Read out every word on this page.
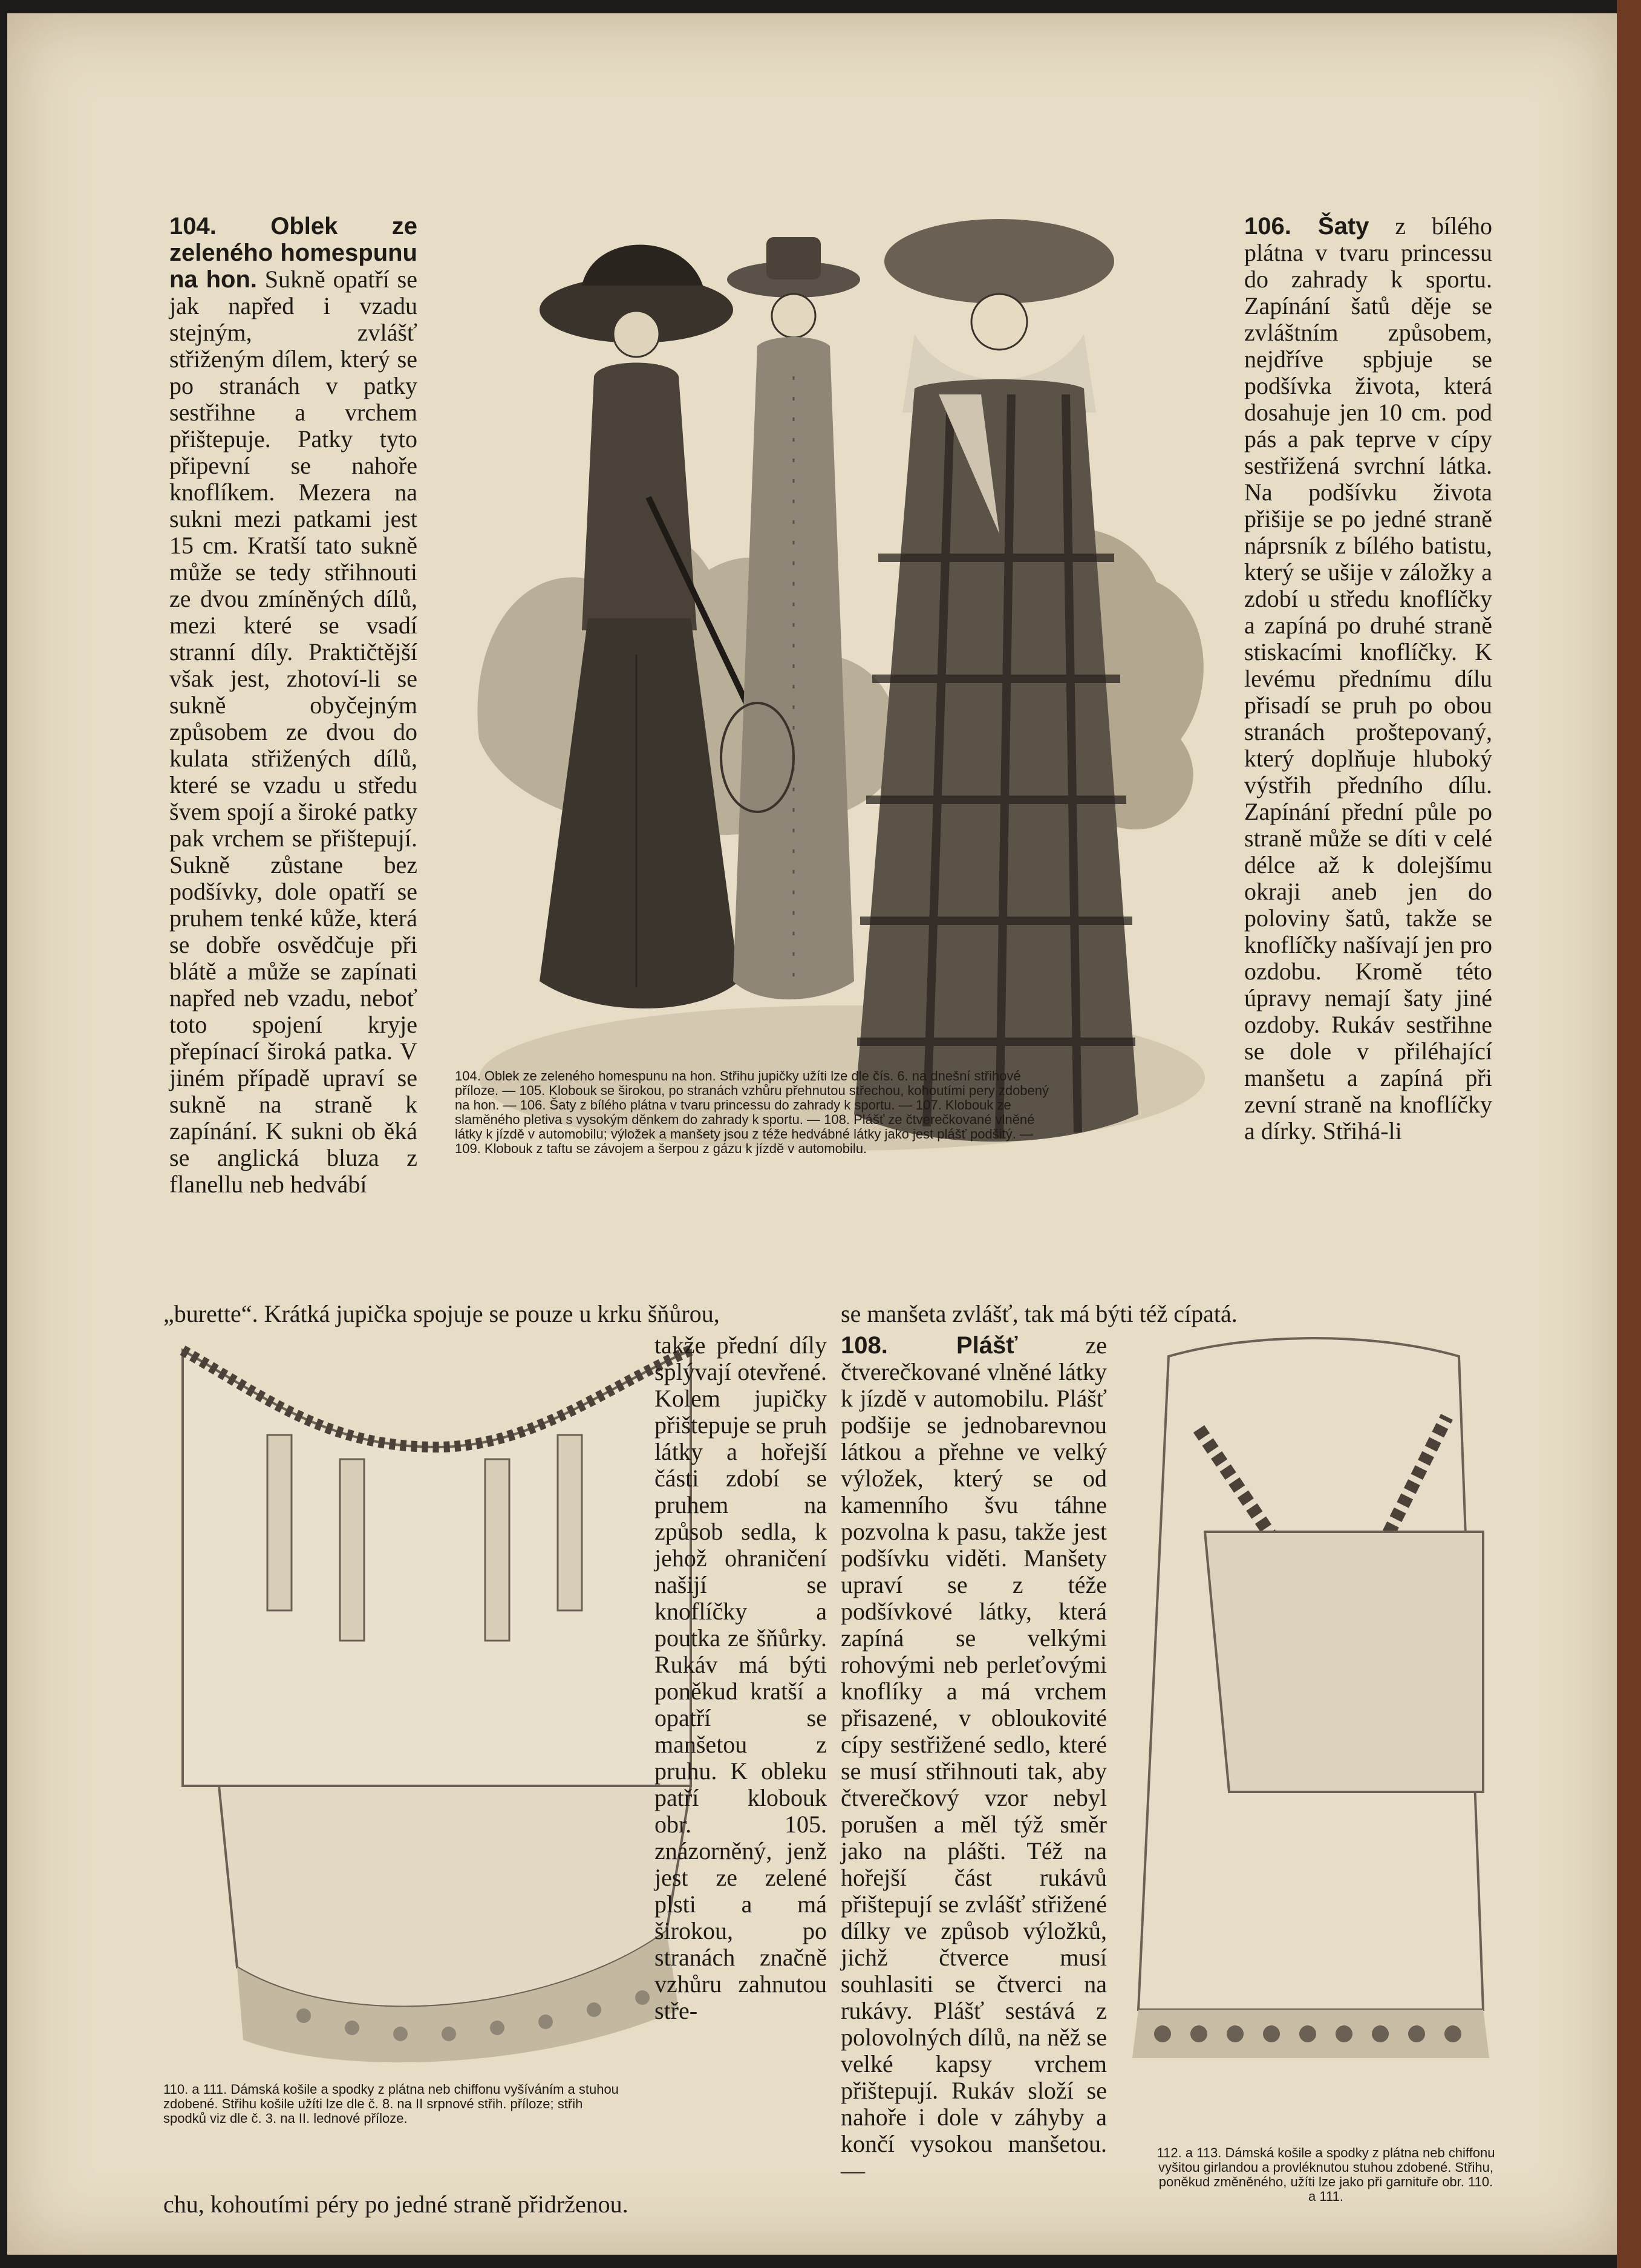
104. Oblek ze zeleného homespunu na hon. Sukně opatří se jak napřed i vzadu stejným, zvlášť střiženým dílem, který se po stranách v patky sestřihne a vrchem přištepuje. Patky tyto připevní se nahoře knoflíkem. Mezera na sukni mezi patkami jest 15 cm. Kratší tato sukně může se tedy střihnouti ze dvou zmíněných dílů, mezi které se vsadí stranní díly. Praktičtější však jest, zhotoví-li se sukně obyčejným způsobem ze dvou do kulata střižených dílů, které se vzadu u středu švem spojí a široké patky pak vrchem se přištepují. Sukně zůstane bez podšívky, dole opatří se pruhem tenké kůže, která se dobře osvědčuje při blátě a může se zapínati napřed neb vzadu, neboť toto spojení kryje přepínací široká patka. V jiném případě upraví se sukně na straně k zapínání. K sukni ob ěká se anglická bluza z flanellu neb hedvábí
„burette“. Krátká jupička spojuje se pouze u krku šňůrou,
106. Šaty z bílého plátna v tvaru princessu do zahrady k sportu. Zapínání šatů děje se zvláštním způsobem, nejdříve spbjuje se podšívka života, která dosahuje jen 10 cm. pod pás a pak teprve v cípy sestřižená svrchní látka. Na podšívku života přišije se po jedné straně náprsník z bílého batistu, který se ušije v záložky a zdobí u středu knoflíčky a zapíná po druhé straně stiskacími knoflíčky. K levému přednímu dílu přisadí se pruh po obou stranách proštepovaný, který doplňuje hluboký výstřih předního dílu. Zapínání přední půle po straně může se díti v celé délce až k dolejšímu okraji aneb jen do poloviny šatů, takže se knoflíčky našívají jen pro ozdobu. Kromě této úpravy nemají šaty jiné ozdoby. Rukáv sestřihne se dole v přiléhající manšetu a zapíná při zevní straně na knoflíčky a dírky. Střihá-li
se manšeta zvlášť, tak má býti též cípatá.
104. Oblek ze zeleného homespunu na hon. Střihu jupičky užíti lze dle čís. 6. na dnešní střihové příloze. — 105. Klobouk se širokou, po stranách vzhůru přehnutou střechou, kohoutími pery zdobený na hon. — 106. Šaty z bílého plátna v tvaru princessu do zahrady k sportu. — 107. Klobouk ze slaměného pletiva s vysokým děnkem do zahrady k sportu. — 108. Plášť ze čtverečkované vlněné látky k jízdě v automobilu; výložek a manšety jsou z téže hedvábné látky jako jest plášť podšitý. — 109. Klobouk z taftu se závojem a šerpou z gázu k jízdě v automobilu.
110. a 111. Dámská košile a spodky z plátna neb chiffonu vyšíváním a stuhou zdobené. Střihu košile užíti lze dle č. 8. na II srpnové střih. příloze; střih spodků viz dle č. 3. na II. lednové příloze.
takže přední díly splývají otevřené. Kolem jupičky přištepuje se pruh látky a hořejší části zdobí se pruhem na způsob sedla, k jehož ohraničení našijí se knoflíčky a poutka ze šňůrky. Rukáv má býti poněkud kratší a opatří se manšetou z pruhu. K obleku patří klobouk obr. 105. znázorněný, jenž jest ze zelené plsti a má širokou, po stranách značně vzhůru zahnutou stře-
chu, kohoutími péry po jedné straně přidrženou.
108. Plášť	ze čtverečkované vlněné látky k jízdě v automobilu. Plášť podšije se jednobarevnou látkou a přehne ve velký výložek, který se od kamenního švu táhne pozvolna k pasu, takže jest podšívku viděti. Manšety upraví se z téže podšívkové látky, která zapíná se velkými rohovými neb perleťovými knoflíky a má vrchem přisazené, v obloukovité cípy sestřižené sedlo, které se musí střihnouti tak, aby čtverečkový vzor nebyl porušen a měl týž směr jako na plášti. Též na hořejší část rukávů přištepují se zvlášť střižené dílky ve způsob výložků, jichž čtverce musí souhlasiti se čtverci na rukávy. Plášť sestává z polovolných dílů, na něž se velké kapsy vrchem přištepují. Rukáv složí se nahoře i dole v záhyby a končí vysokou manšetou. —
112. a 113. Dámská košile a spodky z plátna neb chiffonu vyšitou girlandou a provléknutou stuhou zdobené. Střihu, poněkud změněného, užíti lze jako při garnituře obr. 110. a 111.
